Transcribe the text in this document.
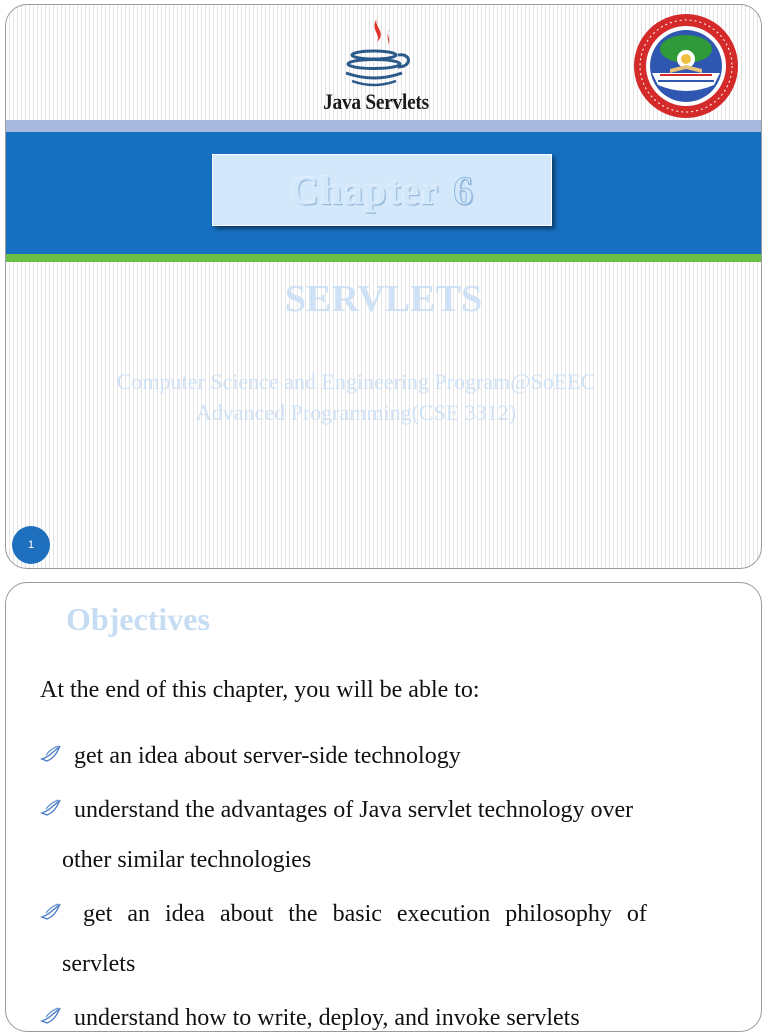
Java Servlets
Chapter 6
SERVLETS
Computer Science and Engineering Program@SoEEC
Advanced Programming(CSE 3312)
1
Objectives
At the end of this chapter, you will be able to:
get an idea about server-side technology
understand the advantages of Java servlet technology over
other similar technologies
get an idea about the basic execution philosophy of
servlets
understand how to write, deploy, and invoke servlets
